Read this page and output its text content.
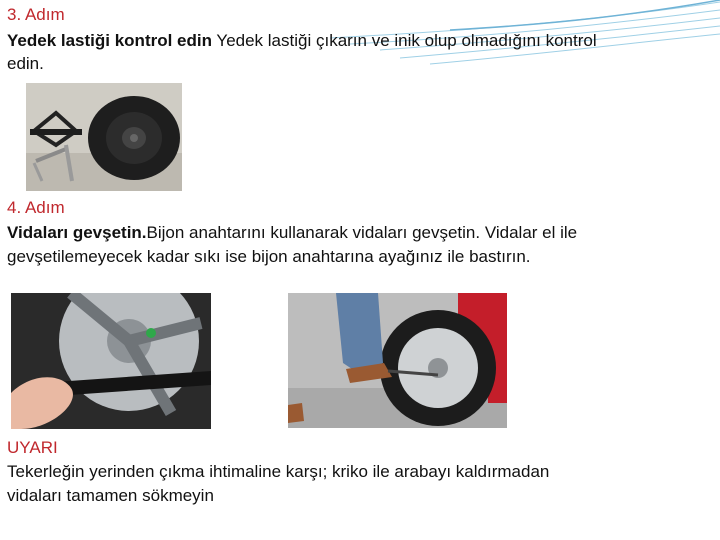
3. Adım
Yedek lastiği kontrol edin Yedek lastiği çıkarın ve inik olup olmadığını kontrol
edin.
4. Adım
Vidaları gevşetin.Bijon anahtarını kullanarak vidaları gevşetin. Vidalar el ile
gevşetilemeyecek kadar sıkı ise bijon anahtarına ayağınız ile bastırın.
UYARI
Tekerleğin yerinden çıkma ihtimaline karşı; kriko ile arabayı kaldırmadan
vidaları tamamen sökmeyin
